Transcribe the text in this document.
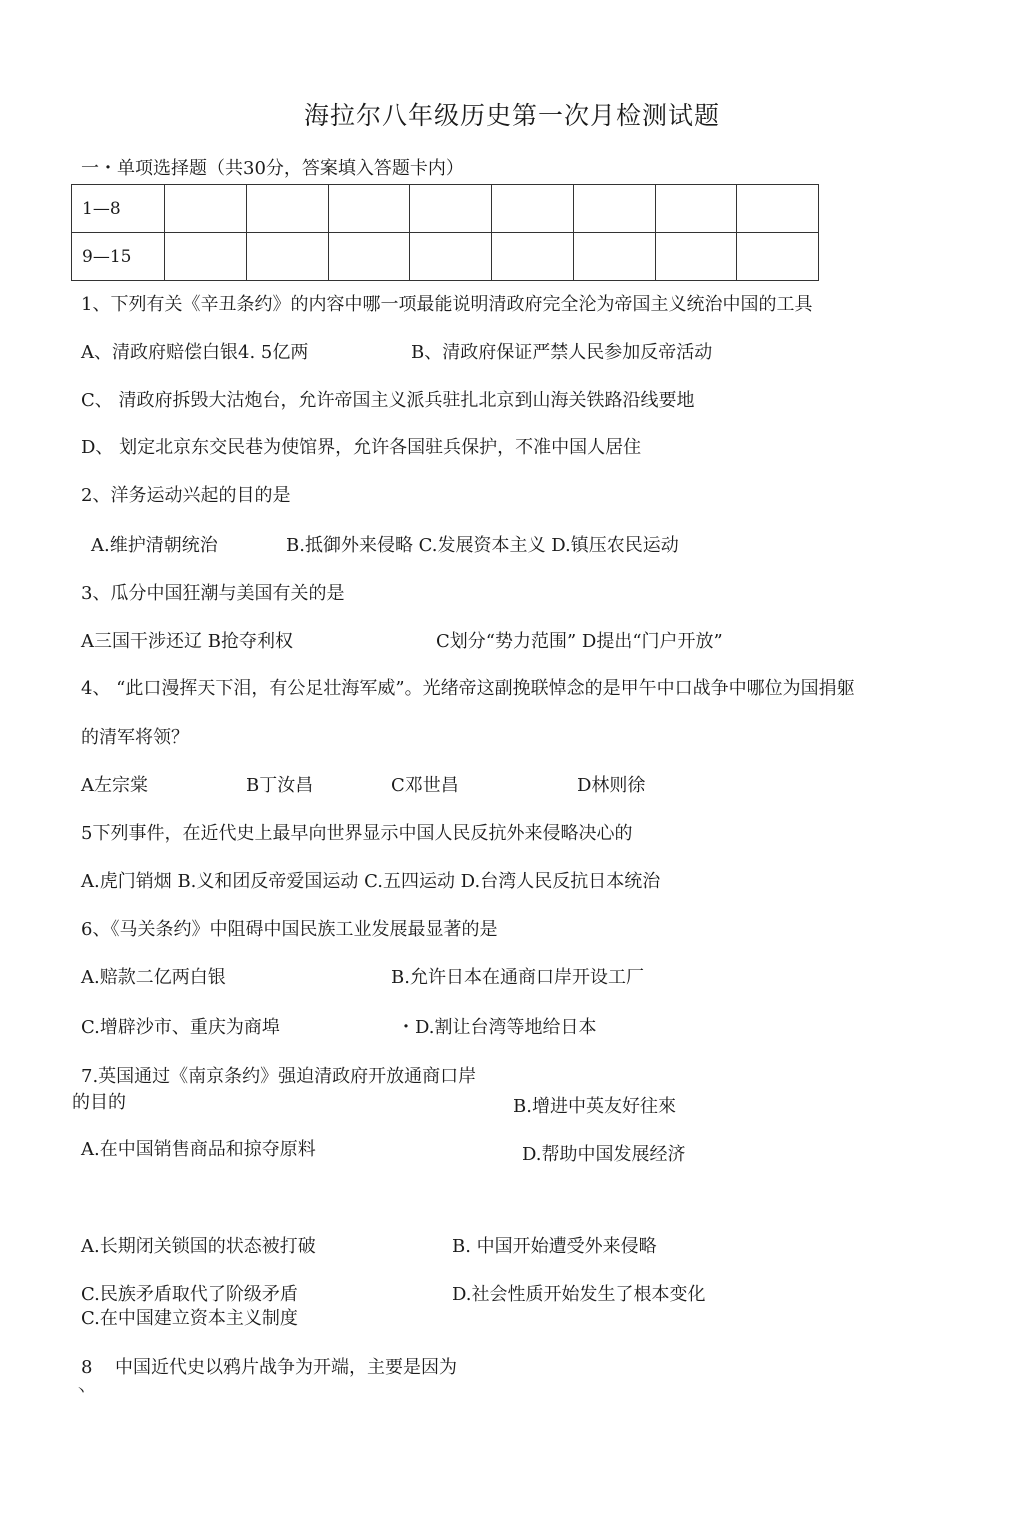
海拉尔八年级历史第一次月检测试题
一・单项选择题（共30分，答案填入答题卡内）
1—8								
9—15								
1、下列有关《辛丑条约》的内容中哪一项最能说明清政府完全沦为帝国主义统治中国的工具
A、清政府赔偿白银4. 5亿两	B、清政府保证严禁人民参加反帝活动
C、 清政府拆毁大沽炮台，允许帝国主义派兵驻扎北京到山海关铁路沿线要地
D、 划定北京东交民巷为使馆界，允许各国驻兵保护，不准中国人居住
2、洋务运动兴起的目的是
A.维护清朝统治	B.抵御外来侵略 C.发展资本主义 D.镇压农民运动
3、瓜分中国狂潮与美国有关的是
A三国干涉还辽 B抢夺利权	C划分“势力范围” D提出“门户开放”
4、 “此口漫挥天下泪，有公足壮海军威”。光绪帝这副挽联悼念的是甲午中口战争中哪位为国捐躯
的清军将领？
A左宗棠	B丁汝昌	C邓世昌	D林则徐
5下列事件，在近代史上最早向世界显示中国人民反抗外来侵略决心的
A.虎门销烟 B.义和团反帝爱国运动 C.五四运动 D.台湾人民反抗日本统治
6、《马关条约》中阻碍中国民族工业发展最显著的是
A.赔款二亿两白银	B.允许日本在通商口岸开设工厂
C.增辟沙市、重庆为商埠	・D.割让台湾等地给日本
7.英国通过《南京条约》强迫清政府开放通商口岸
的目的	B.增进中英友好往來
A.在中国销售商品和掠夺原料	D.帮助中国发展经济
A.长期闭关锁国的状态被打破	B. 中国开始遭受外来侵略
C.民族矛盾取代了阶级矛盾	D.社会性质开始发生了根本变化
C.在中国建立资本主义制度
8 中国近代史以鸦片战争为开端，主要是因为
丶
